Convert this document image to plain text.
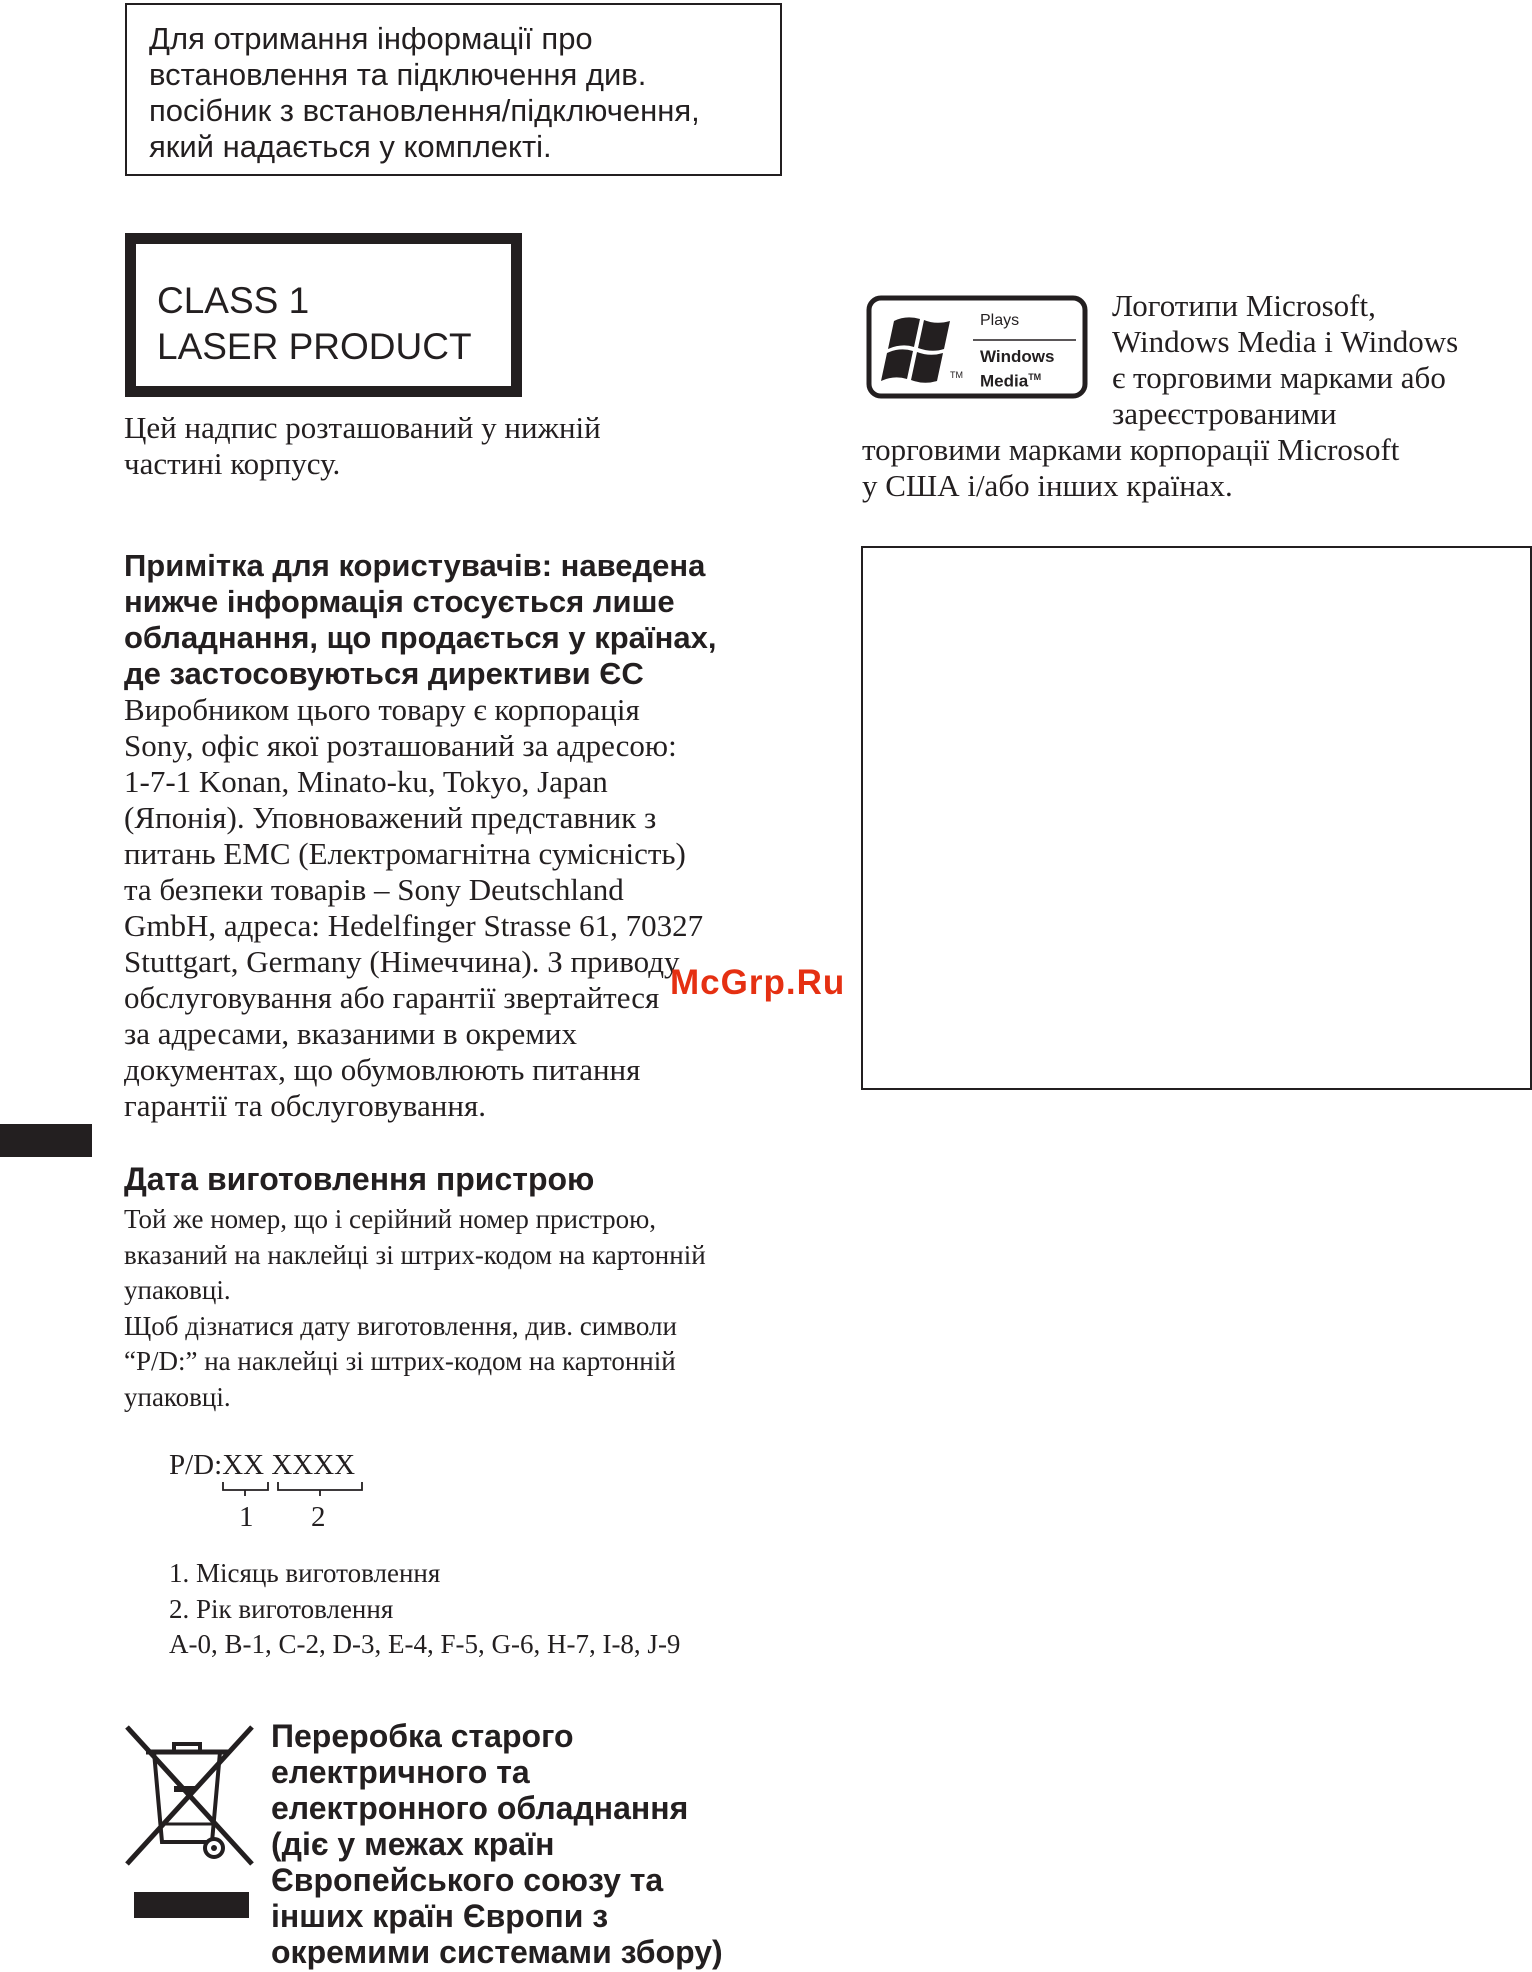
Для отримання інформації про
встановлення та підключення див.
посібник з встановлення/підключення,
який надається у комплекті.

CLASS 1
LASER PRODUCT

Цей надпис розташований у нижній
частині корпусу.
Примітка для користувачів: наведена
нижче інформація стосується лише
обладнання, що продається у країнах,
де застосовуються директиви ЄС
Виробником цього товару є корпорація
Sony, офіс якої розташований за адресою:
1-7-1 Konan, Minato-ku, Tokyo, Japan
(Японія). Уповноважений представник з
питань EMC (Електромагнітна сумісність)
та безпеки товарів – Sony Deutschland
GmbH, адреса: Hedelfinger Strasse 61, 70327
Stuttgart, Germany (Німеччина). З приводу
обслуговування або гарантії звертайтеся
за адресами, вказаними в окремих
документах, що обумовлюють питання
гарантії та обслуговування.
Дата виготовлення пристрою
Той же номер, що і серійний номер пристрою,
вказаний на наклейці зі штрих-кодом на картонній
упаковці.
Щоб дізнатися дату виготовлення, див. символи
“P/D:” на наклейці зі штрих-кодом на картонній
упаковці.
P/D:XX XXXX
1 2
1. Місяць виготовлення
2. Рік виготовлення
A-0, B-1, C-2, D-3, E-4, F-5, G-6, H-7, I-8, J-9
Переробка старого
електричного та
електронного обладнання
(діє у межах країн
Європейського союзу та
інших країн Європи з
окремими системами збору)
Plays
Windows
Media™
TM
Логотипи Microsoft,
Windows Media і Windows
є торговими марками або
зареєстрованими
торговими марками корпорації Microsoft
у США і/або інших країнах.
McGrp.Ru
